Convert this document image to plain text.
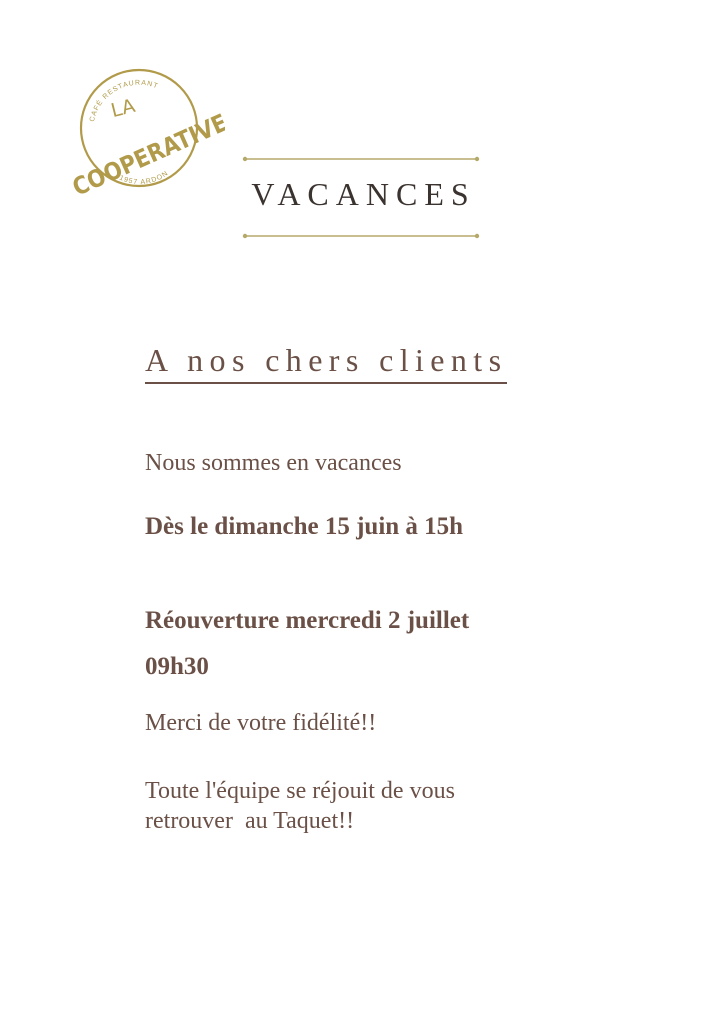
CAFÉ RESTAURANT
1957 ARDON
LA
COOPERATIVE VACANCES
A nos chers clients
Nous sommes en vacances
Dès le dimanche 15 juin à 15h
Réouverture mercredi 2 juillet
09h30
Merci de votre fidélité!!
Toute l'équipe se réjouit de vous
retrouver  au Taquet!!
